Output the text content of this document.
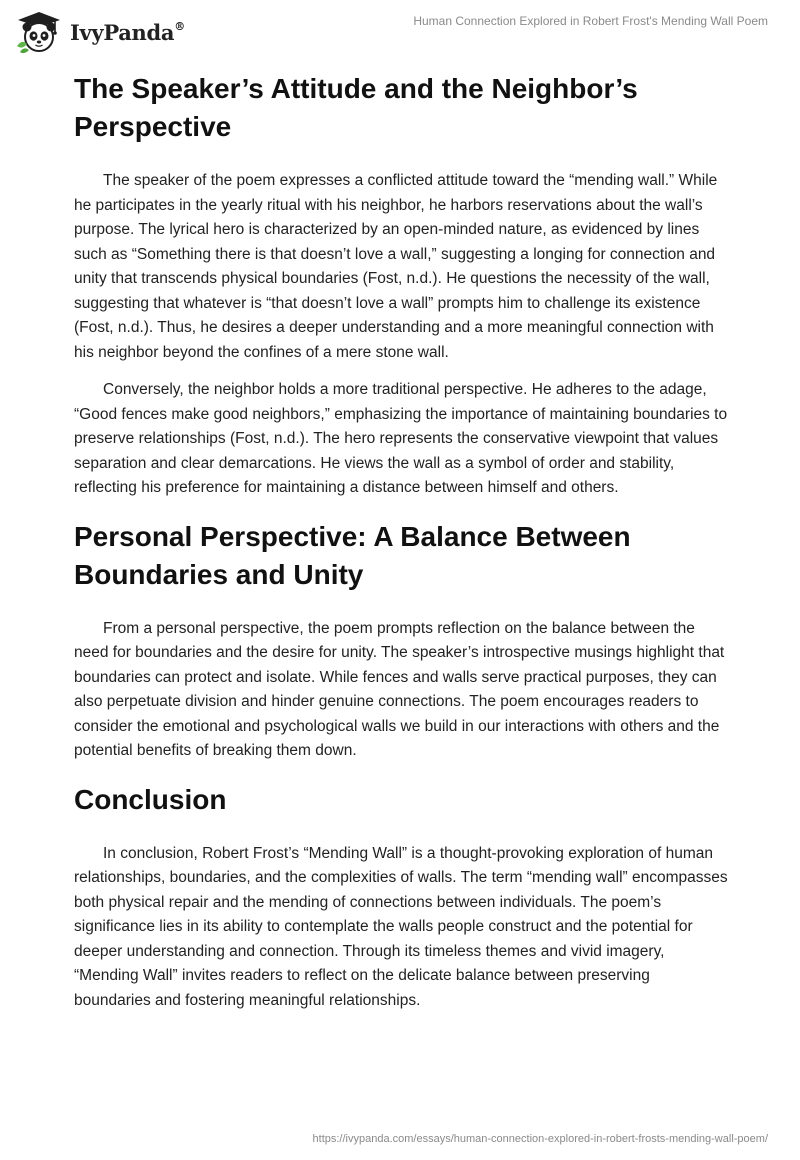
IvyPanda®	Human Connection Explored in Robert Frost's Mending Wall Poem
The Speaker’s Attitude and the Neighbor’s Perspective

The speaker of the poem expresses a conflicted attitude toward the “mending wall.” While he participates in the yearly ritual with his neighbor, he harbors reservations about the wall’s purpose. The lyrical hero is characterized by an open-minded nature, as evidenced by lines such as “Something there is that doesn’t love a wall,” suggesting a longing for connection and unity that transcends physical boundaries (Fost, n.d.). He questions the necessity of the wall, suggesting that whatever is “that doesn’t love a wall” prompts him to challenge its existence (Fost, n.d.). Thus, he desires a deeper understanding and a more meaningful connection with his neighbor beyond the confines of a mere stone wall.

Conversely, the neighbor holds a more traditional perspective. He adheres to the adage, “Good fences make good neighbors,” emphasizing the importance of maintaining boundaries to preserve relationships (Fost, n.d.). The hero represents the conservative viewpoint that values separation and clear demarcations. He views the wall as a symbol of order and stability, reflecting his preference for maintaining a distance between himself and others.

Personal Perspective: A Balance Between Boundaries and Unity

From a personal perspective, the poem prompts reflection on the balance between the need for boundaries and the desire for unity. The speaker’s introspective musings highlight that boundaries can protect and isolate. While fences and walls serve practical purposes, they can also perpetuate division and hinder genuine connections. The poem encourages readers to consider the emotional and psychological walls we build in our interactions with others and the potential benefits of breaking them down.

Conclusion

In conclusion, Robert Frost’s “Mending Wall” is a thought-provoking exploration of human relationships, boundaries, and the complexities of walls. The term “mending wall” encompasses both physical repair and the mending of connections between individuals. The poem’s significance lies in its ability to contemplate the walls people construct and the potential for deeper understanding and connection. Through its timeless themes and vivid imagery, “Mending Wall” invites readers to reflect on the delicate balance between preserving boundaries and fostering meaningful relationships.

https://ivypanda.com/essays/human-connection-explored-in-robert-frosts-mending-wall-poem/
